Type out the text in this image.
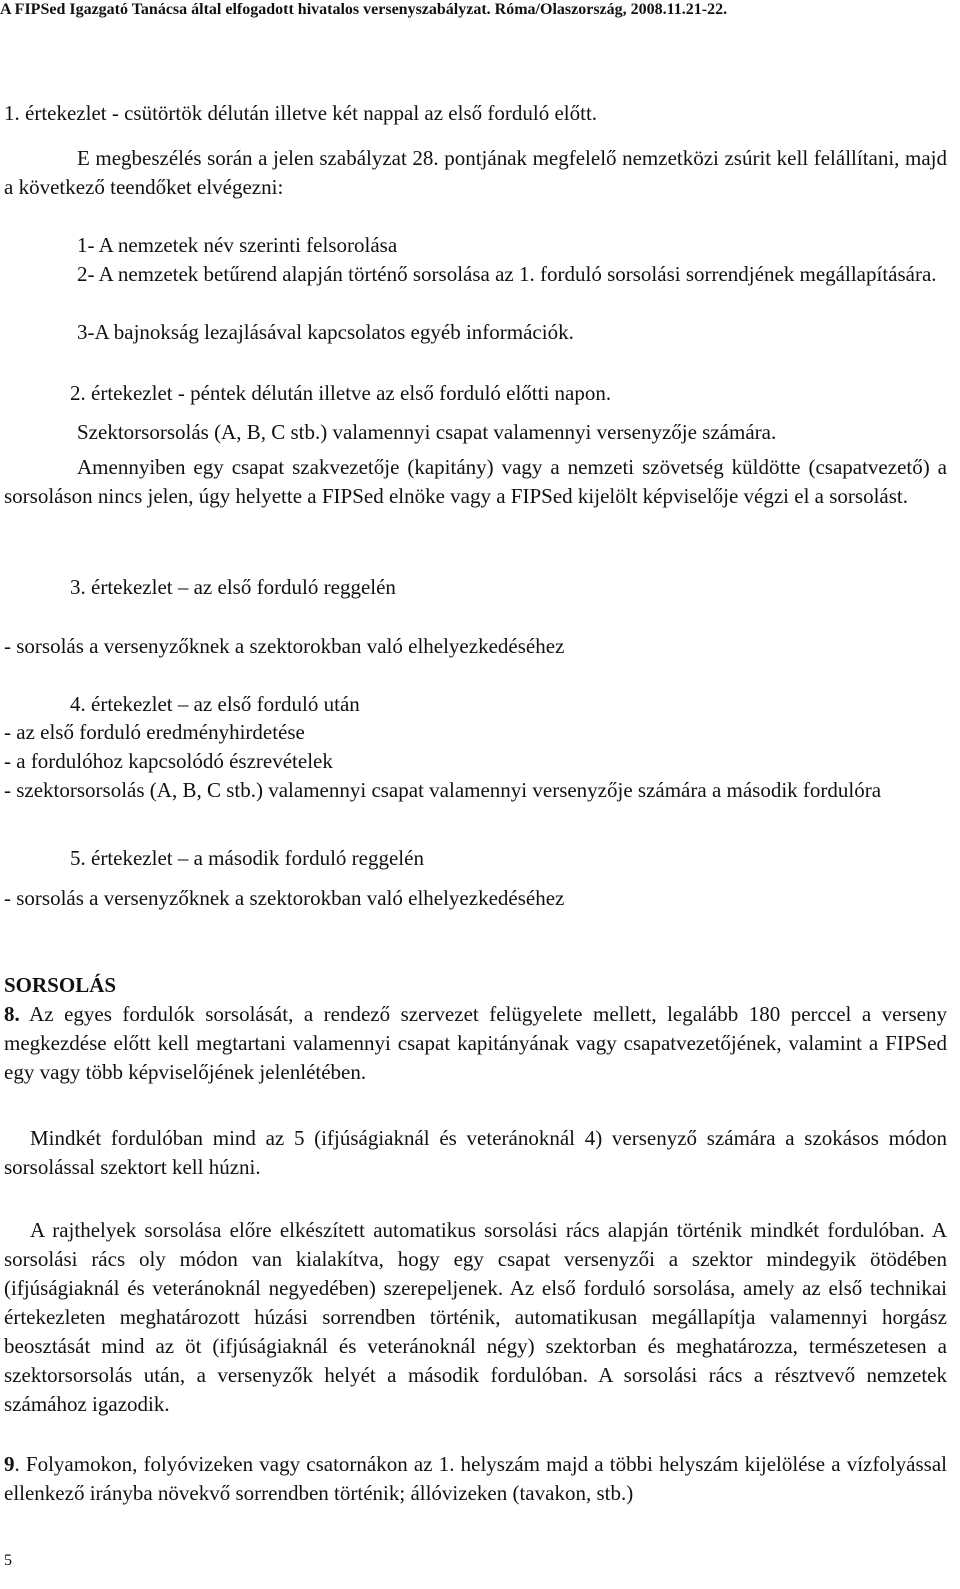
A FIPSed Igazgató Tanácsa által elfogadott hivatalos versenyszabályzat. Róma/Olaszország, 2008.11.21-22.

1. értekezlet - csütörtök délután illetve két nappal az első forduló előtt.

E megbeszélés során a jelen szabályzat 28. pontjának megfelelő nemzetközi zsúrit kell felállítani, majd a következő teendőket elvégezni:

1- A nemzetek név szerinti felsorolása

2- A nemzetek betűrend alapján történő sorsolása az 1. forduló sorsolási sorrendjének megállapítására.

3-A bajnokság lezajlásával kapcsolatos egyéb információk.

2. értekezlet - péntek délután illetve az első forduló előtti napon.

Szektorsorsolás (A, B, C stb.) valamennyi csapat valamennyi versenyzője számára.

Amennyiben egy csapat szakvezetője (kapitány) vagy a nemzeti szövetség küldötte (csapatvezető) a sorsoláson nincs jelen, úgy helyette a FIPSed elnöke vagy a FIPSed kijelölt képviselője végzi el a sorsolást.

3. értekezlet – az első forduló reggelén

- sorsolás a versenyzőknek a szektorokban való elhelyezkedéséhez

4. értekezlet – az első forduló után

- az első forduló eredményhirdetése

- a fordulóhoz kapcsolódó észrevételek

- szektorsorsolás (A, B, C stb.) valamennyi csapat valamennyi versenyzője számára a második fordulóra

5. értekezlet – a második forduló reggelén

- sorsolás a versenyzőknek a szektorokban való elhelyezkedéséhez

SORSOLÁS

8. Az egyes fordulók sorsolását, a rendező szervezet felügyelete mellett, legalább 180 perccel a verseny megkezdése előtt kell megtartani valamennyi csapat kapitányának vagy csapatvezetőjének, valamint a FIPSed egy vagy több képviselőjének jelenlétében.

Mindkét fordulóban mind az 5 (ifjúságiaknál és veteránoknál 4) versenyző számára a szokásos módon sorsolással szektort kell húzni.

A rajthelyek sorsolása előre elkészített automatikus sorsolási rács alapján történik mindkét fordulóban. A sorsolási rács oly módon van kialakítva, hogy egy csapat versenyzői a szektor mindegyik ötödében (ifjúságiaknál és veteránoknál negyedében) szerepeljenek. Az első forduló sorsolása, amely az első technikai értekezleten meghatározott húzási sorrendben történik, automatikusan megállapítja valamennyi horgász beosztását mind az öt (ifjúságiaknál és veteránoknál négy) szektorban és meghatározza, természetesen a szektorsorsolás után, a versenyzők helyét a második fordulóban. A sorsolási rács a résztvevő nemzetek számához igazodik.

9. Folyamokon, folyóvizeken vagy csatornákon az 1. helyszám majd a többi helyszám kijelölése a vízfolyással ellenkező irányba növekvő sorrendben történik; állóvizeken (tavakon, stb.)

5
